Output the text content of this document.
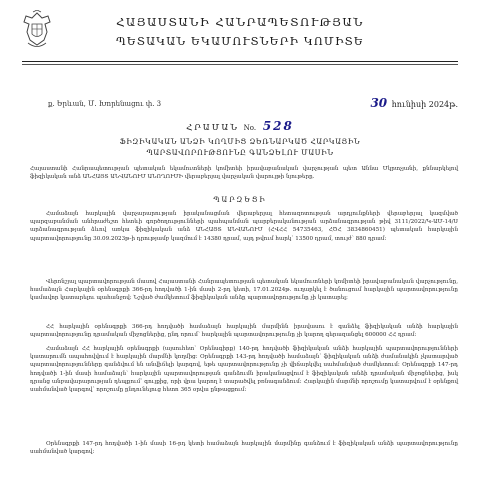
ՀԱՅԱՍՏԱՆԻ ՀԱՆՐԱՊԵՏՈՒԹՅԱՆ
ՊԵՏԱԿԱՆ ԵԿԱՄՈՒՏՆԵՐԻ ԿՈՄԻՏԵ
ք. Երևան, Մ. Խորենացու փ. 3	30 հունիսի 2024թ.
ՀՐԱՄԱՆ No. 528
ՖԻԶԻԿԱԿԱՆ ԱՆՁԻ ԿՈՂՄԻՑ ՁԵՌՆԱՐԿԱԾ ՀԱՐԿԱՅԻՆ
ՊԱՐՏԱՎՈՐՈՒԹՅՈՒՆԸ ԳԱՆՁԵԼՈՒ ՄԱՍԻՆ
Հայաստանի Հանրապետության պետական եկամուտների կոմիտեի իրավաբանական վարչության պետ Աննա Մկրտչյանի, քննարկելով ֆիզիկական անձ ԱՆՀԱՅՏ ԱՆՎԱՆՈՒՄ ԱՆՈՂՈՒՄԻ վերաբերյալ վարչական վարույթի նյութերը.
ՊԱՐԶԵՑԻ
Համաձայն հարկային վարչարարության իրականացման վերաբերյալ հետազոտության արդյունքների վերաբերյալ կազմված պարզաբանման անհրաժեշտ հետևի գործողությունների պահպանման պարբերականության արձանագրության թիվ 3111/2022/Կ-ԱՄ-14/Ս արձանագրության ձևով առկա ֆիզիկական անձ ԱՆՀԱՅՏ ԱՆՎԱՆՈՒՄ (ՀՎՀՀ 54735463, ՀԾՀ 3834860451) պետական հարկային պարտավորությունը 30.09.2023թ-ի դրությամբ կազմում է 14380 դրամ, այդ թվում հարկ՝ 13500 դրամ, տույժ՝ 880 դրամ։
Վերոնշյալ պարտավորության մասով Հայաստանի Հանրապետության պետական եկամուտների կոմիտեի իրավաբանական վարչությունը, համաձայն Հարկային օրենսգրքի 366-րդ հոդվածի 1-ին մասի 2-րդ կետի, 17.01.2024թ. ուղարկել է ծանուցում հարկային պարտավորությունը կամավոր կատարելու պահանջով։ Նշված ժամկետում ֆիզիկական անձը պարտավորությունը չի կատարել։
ՀՀ հարկային օրենսգրքի 366-րդ հոդվածի համաձայն հարկային մարմինն իրավասու է գանձել ֆիզիկական անձի հարկային պարտավորությունը դրամական միջոցներից, ընդ որում՝ հարկային պարտավորությունը չի կարող գերազանցել 600000 ՀՀ դրամ։
Համաձայն ՀՀ հարկային օրենսգրքի (այսուհետ՝ Օրենսգիրք) 140-րդ հոդվածի ֆիզիկական անձի հարկային պարտավորությունների կատարումն ապահովվում է հարկային մարմնի կողմից։ Օրենսգրքի 143-րդ հոդվածի համաձայն՝ ֆիզիկական անձի ժամանակին չկատարված պարտավորությունները գանձվում են անվիճելի կարգով, եթե պարտավորությունը չի վիճարկվել սահմանված ժամկետում։ Օրենսգրքի 147-րդ հոդվածի 1-ին մասի համաձայն՝ հարկային պարտավորության գանձումն իրականացվում է ֆիզիկական անձի դրամական միջոցներից, իսկ դրանց անբավարարության դեպքում՝ գույքից, որի վրա կարող է տարածվել բռնագանձում։ Հարկային մարմնի որոշումը կատարվում է օրենքով սահմանված կարգով՝ որոշումը ընդունելուց հետո 365 օրվա ընթացքում։
Օրենսգրքի 147-րդ հոդվածի 1-ին մասի 16-րդ կետի համաձայն հարկային մարմինը գանձում է ֆիզիկական անձի պարտավորությունը սահմանված կարգով։
